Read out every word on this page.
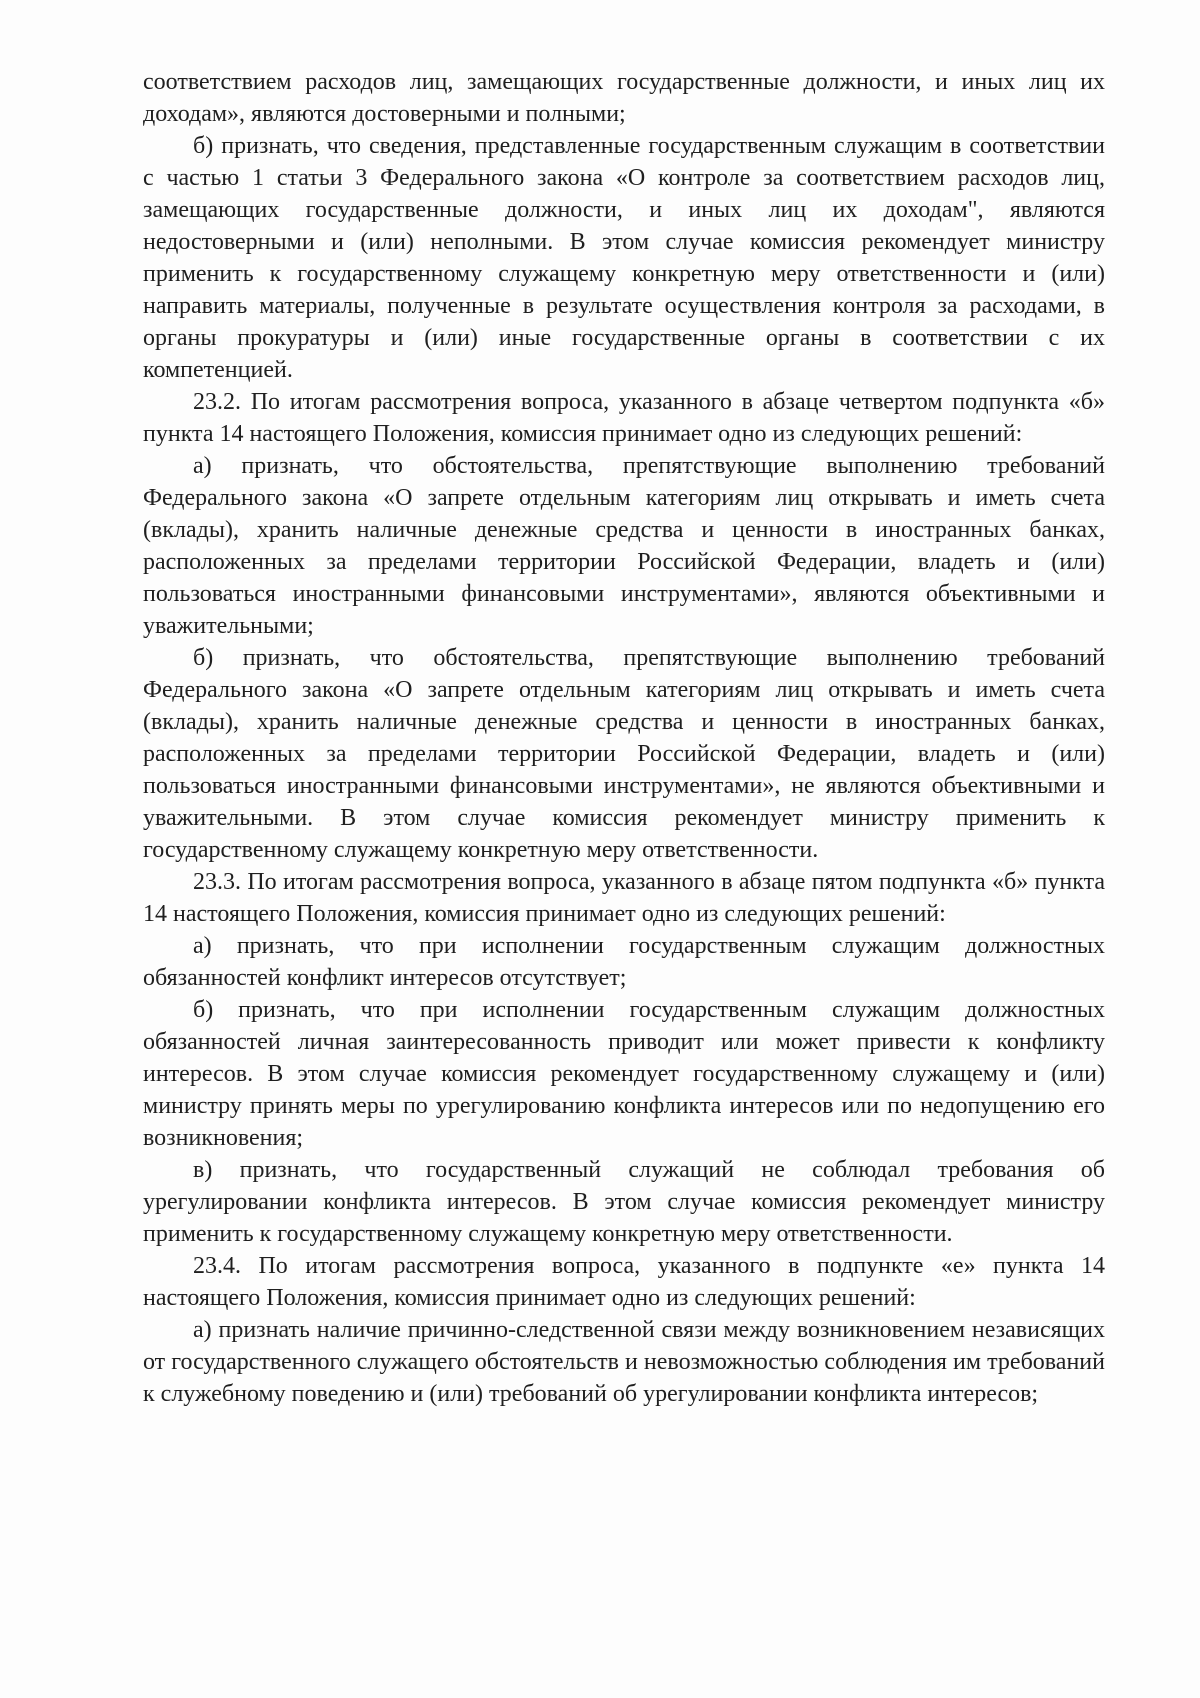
соответствием расходов лиц, замещающих государственные должности, и иных лиц их доходам», являются достоверными и полными;

б) признать, что сведения, представленные государственным служащим в соответствии с частью 1 статьи 3 Федерального закона «О контроле за соответствием расходов лиц, замещающих государственные должности, и иных лиц их доходам", являются недостоверными и (или) неполными. В этом случае комиссия рекомендует министру применить к государственному служащему конкретную меру ответственности и (или) направить материалы, полученные в результате осуществления контроля за расходами, в органы прокуратуры и (или) иные государственные органы в соответствии с их компетенцией.

23.2. По итогам рассмотрения вопроса, указанного в абзаце четвертом подпункта «б» пункта 14 настоящего Положения, комиссия принимает одно из следующих решений:

а) признать, что обстоятельства, препятствующие выполнению требований Федерального закона «О запрете отдельным категориям лиц открывать и иметь счета (вклады), хранить наличные денежные средства и ценности в иностранных банках, расположенных за пределами территории Российской Федерации, владеть и (или) пользоваться иностранными финансовыми инструментами», являются объективными и уважительными;

б) признать, что обстоятельства, препятствующие выполнению требований Федерального закона «О запрете отдельным категориям лиц открывать и иметь счета (вклады), хранить наличные денежные средства и ценности в иностранных банках, расположенных за пределами территории Российской Федерации, владеть и (или) пользоваться иностранными финансовыми инструментами», не являются объективными и уважительными. В этом случае комиссия рекомендует министру применить к государственному служащему конкретную меру ответственности.

23.3. По итогам рассмотрения вопроса, указанного в абзаце пятом подпункта «б» пункта 14 настоящего Положения, комиссия принимает одно из следующих решений:

а) признать, что при исполнении государственным служащим должностных обязанностей конфликт интересов отсутствует;

б) признать, что при исполнении государственным служащим должностных обязанностей личная заинтересованность приводит или может привести к конфликту интересов. В этом случае комиссия рекомендует государственному служащему и (или) министру принять меры по урегулированию конфликта интересов или по недопущению его возникновения;

в) признать, что государственный служащий не соблюдал требования об урегулировании конфликта интересов. В этом случае комиссия рекомендует министру применить к государственному служащему конкретную меру ответственности.

23.4. По итогам рассмотрения вопроса, указанного в подпункте «е» пункта 14 настоящего Положения, комиссия принимает одно из следующих решений:

а) признать наличие причинно-следственной связи между возникновением независящих от государственного служащего обстоятельств и невозможностью соблюдения им требований к служебному поведению и (или) требований об урегулировании конфликта интересов;
